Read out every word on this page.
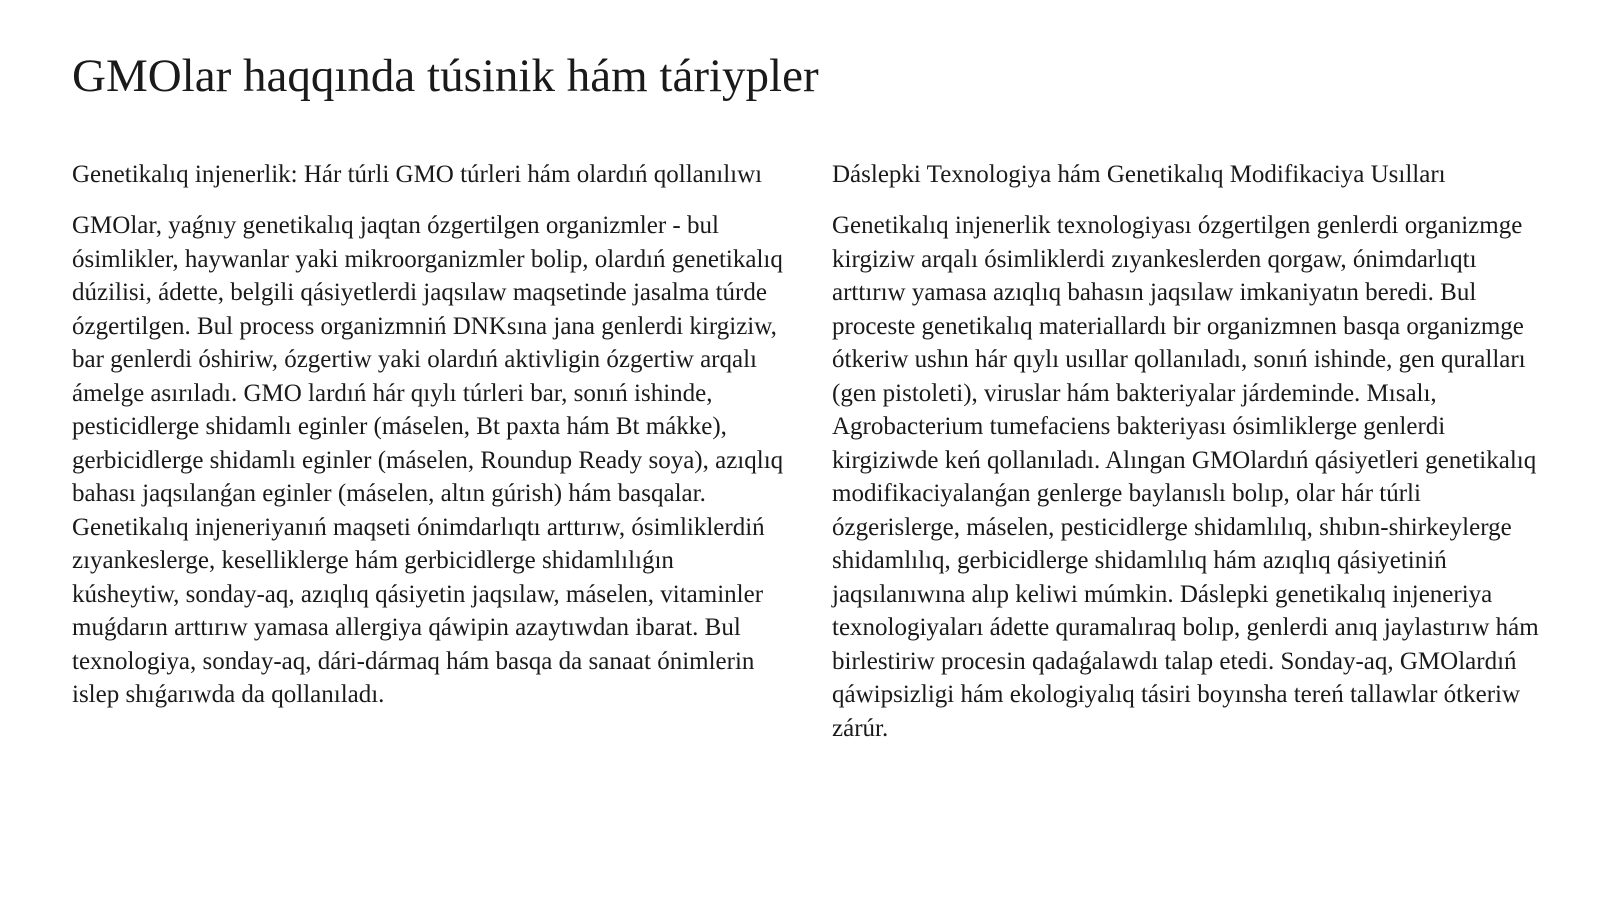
GMOlar haqqında túsinik hám táriypler
Genetikalıq injenerlik: Hár túrli GMO túrleri hám olardıń qollanılıwı

GMOlar, yaǵnıy genetikalıq jaqtan ózgertilgen organizmler - bul ósimlikler, haywanlar yaki mikroorganizmler bolip, olardıń genetikalıq dúzilisi, ádette, belgili qásiyetlerdi jaqsılaw maqsetinde jasalma túrde ózgertilgen. Bul process organizmniń DNKsına jana genlerdi kirgiziw, bar genlerdi óshiriw, ózgertiw yaki olardıń aktivligin ózgertiw arqalı ámelge asırıladı. GMO lardıń hár qıylı túrleri bar, sonıń ishinde, pesticidlerge shidamlı eginler (máselen, Bt paxta hám Bt mákke), gerbicidlerge shidamlı eginler (máselen, Roundup Ready soya), azıqlıq bahası jaqsılanǵan eginler (máselen, altın gúrish) hám basqalar. Genetikalıq injeneriyanıń maqseti ónimdarlıqtı arttırıw, ósimliklerdiń zıyankeslerge, keselliklerge hám gerbicidlerge shidamlılıǵın kúsheytiw, sonday-aq, azıqlıq qásiyetin jaqsılaw, máselen, vitaminler muǵdarın arttırıw yamasa allergiya qáwipin azaytıwdan ibarat. Bul texnologiya, sonday-aq, dári-dármaq hám basqa da sanaat ónimlerin islep shıǵarıwda da qollanıladı.

Dáslepki Texnologiya hám Genetikalıq Modifikaciya Usılları

Genetikalıq injenerlik texnologiyası ózgertilgen genlerdi organizmge kirgiziw arqalı ósimliklerdi zıyankeslerden qorgaw, ónimdarlıqtı arttırıw yamasa azıqlıq bahasın jaqsılaw imkaniyatın beredi. Bul proceste genetikalıq materiallardı bir organizmnen basqa organizmge ótkeriw ushın hár qıylı usıllar qollanıladı, sonıń ishinde, gen quralları (gen pistoleti), viruslar hám bakteriyalar járdeminde. Mısalı, Agrobacterium tumefaciens bakteriyası ósimliklerge genlerdi kirgiziwde keń qollanıladı. Alıngan GMOlardıń qásiyetleri genetikalıq modifikaciyalanǵan genlerge baylanıslı bolıp, olar hár túrli ózgerislerge, máselen, pesticidlerge shidamlılıq, shıbın-shirkeylerge shidamlılıq, gerbicidlerge shidamlılıq hám azıqlıq qásiyetiniń jaqsılanıwına alıp keliwi múmkin. Dáslepki genetikalıq injeneriya texnologiyaları ádette quramalıraq bolıp, genlerdi anıq jaylastırıw hám birlestiriw procesin qadaǵalawdı talap etedi. Sonday-aq, GMOlardıń qáwipsizligi hám ekologiyalıq tásiri boyınsha tereń tallawlar ótkeriw zárúr.
